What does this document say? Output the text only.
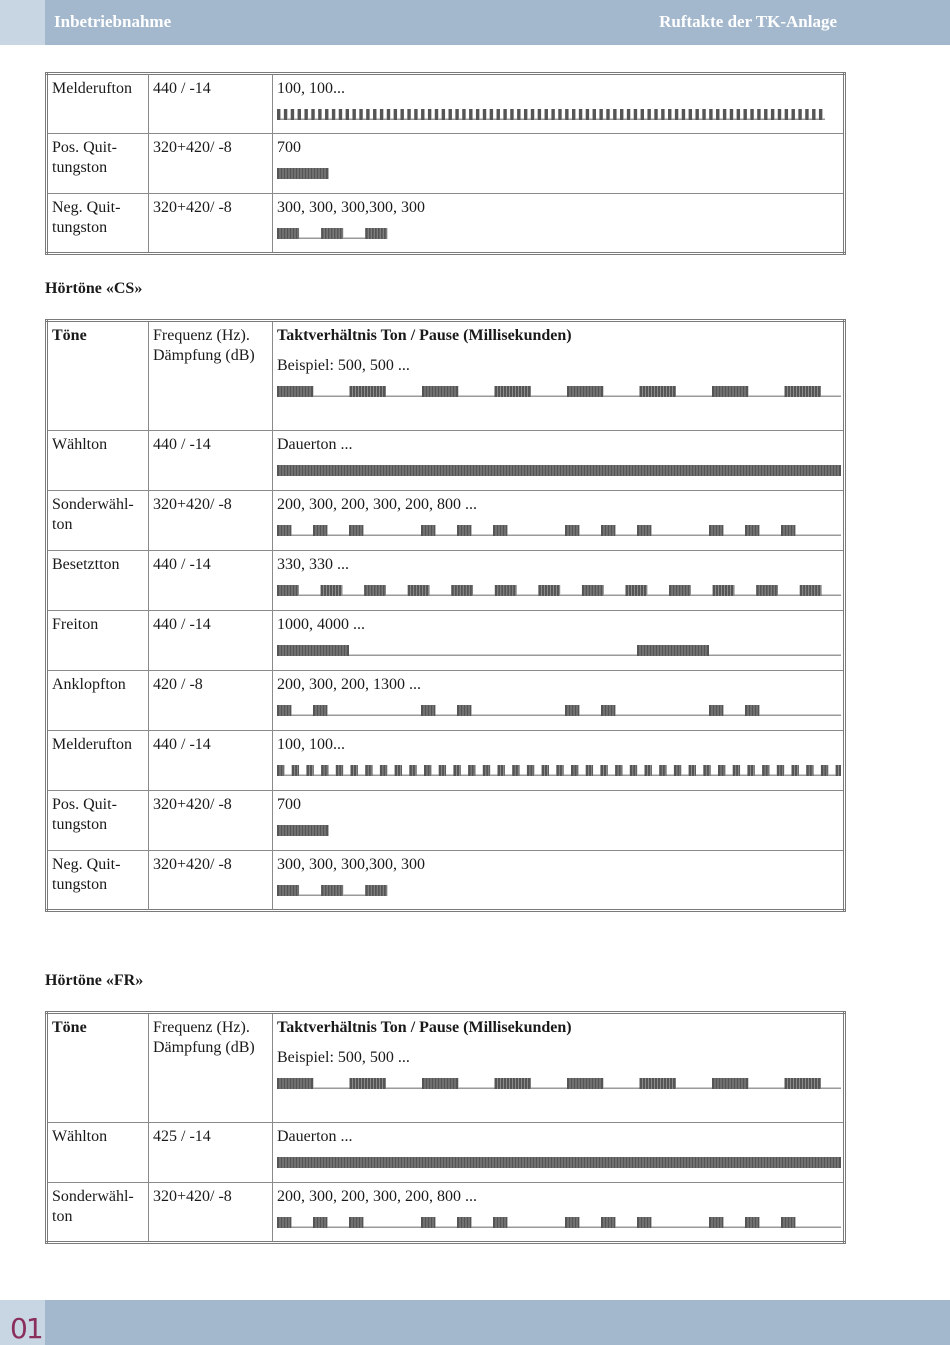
Inbetriebnahme	Ruftakte der TK-Anlage
Melderufton	440 / -14	100, 100...

Pos. Quit-tungston	320+420/ -8	700

Neg. Quit-tungston	320+420/ -8	300, 300, 300,300, 300
Hörtöne «CS»
Töne	Frequenz (Hz). Dämpfung (dB)	Taktverhältnis Ton / Pause (Millisekunden)
Beispiel: 500, 500 ...

Wählton	440 / -14	Dauerton ...

Sonderwähl-ton	320+420/ -8	200, 300, 200, 300, 200, 800 ...

Besetztton	440 / -14	330, 330 ...

Freiton	440 / -14	1000, 4000 ...

Anklopfton	420 / -8	200, 300, 200, 1300 ...

Melderufton	440 / -14	100, 100...

Pos. Quit-tungston	320+420/ -8	700

Neg. Quit-tungston	320+420/ -8	300, 300, 300,300, 300
Hörtöne «FR»
Töne	Frequenz (Hz). Dämpfung (dB)	Taktverhältnis Ton / Pause (Millisekunden)
Beispiel: 500, 500 ...

Wählton	425 / -14	Dauerton ...

Sonderwähl-ton	320+420/ -8	200, 300, 200, 300, 200, 800 ...
01
